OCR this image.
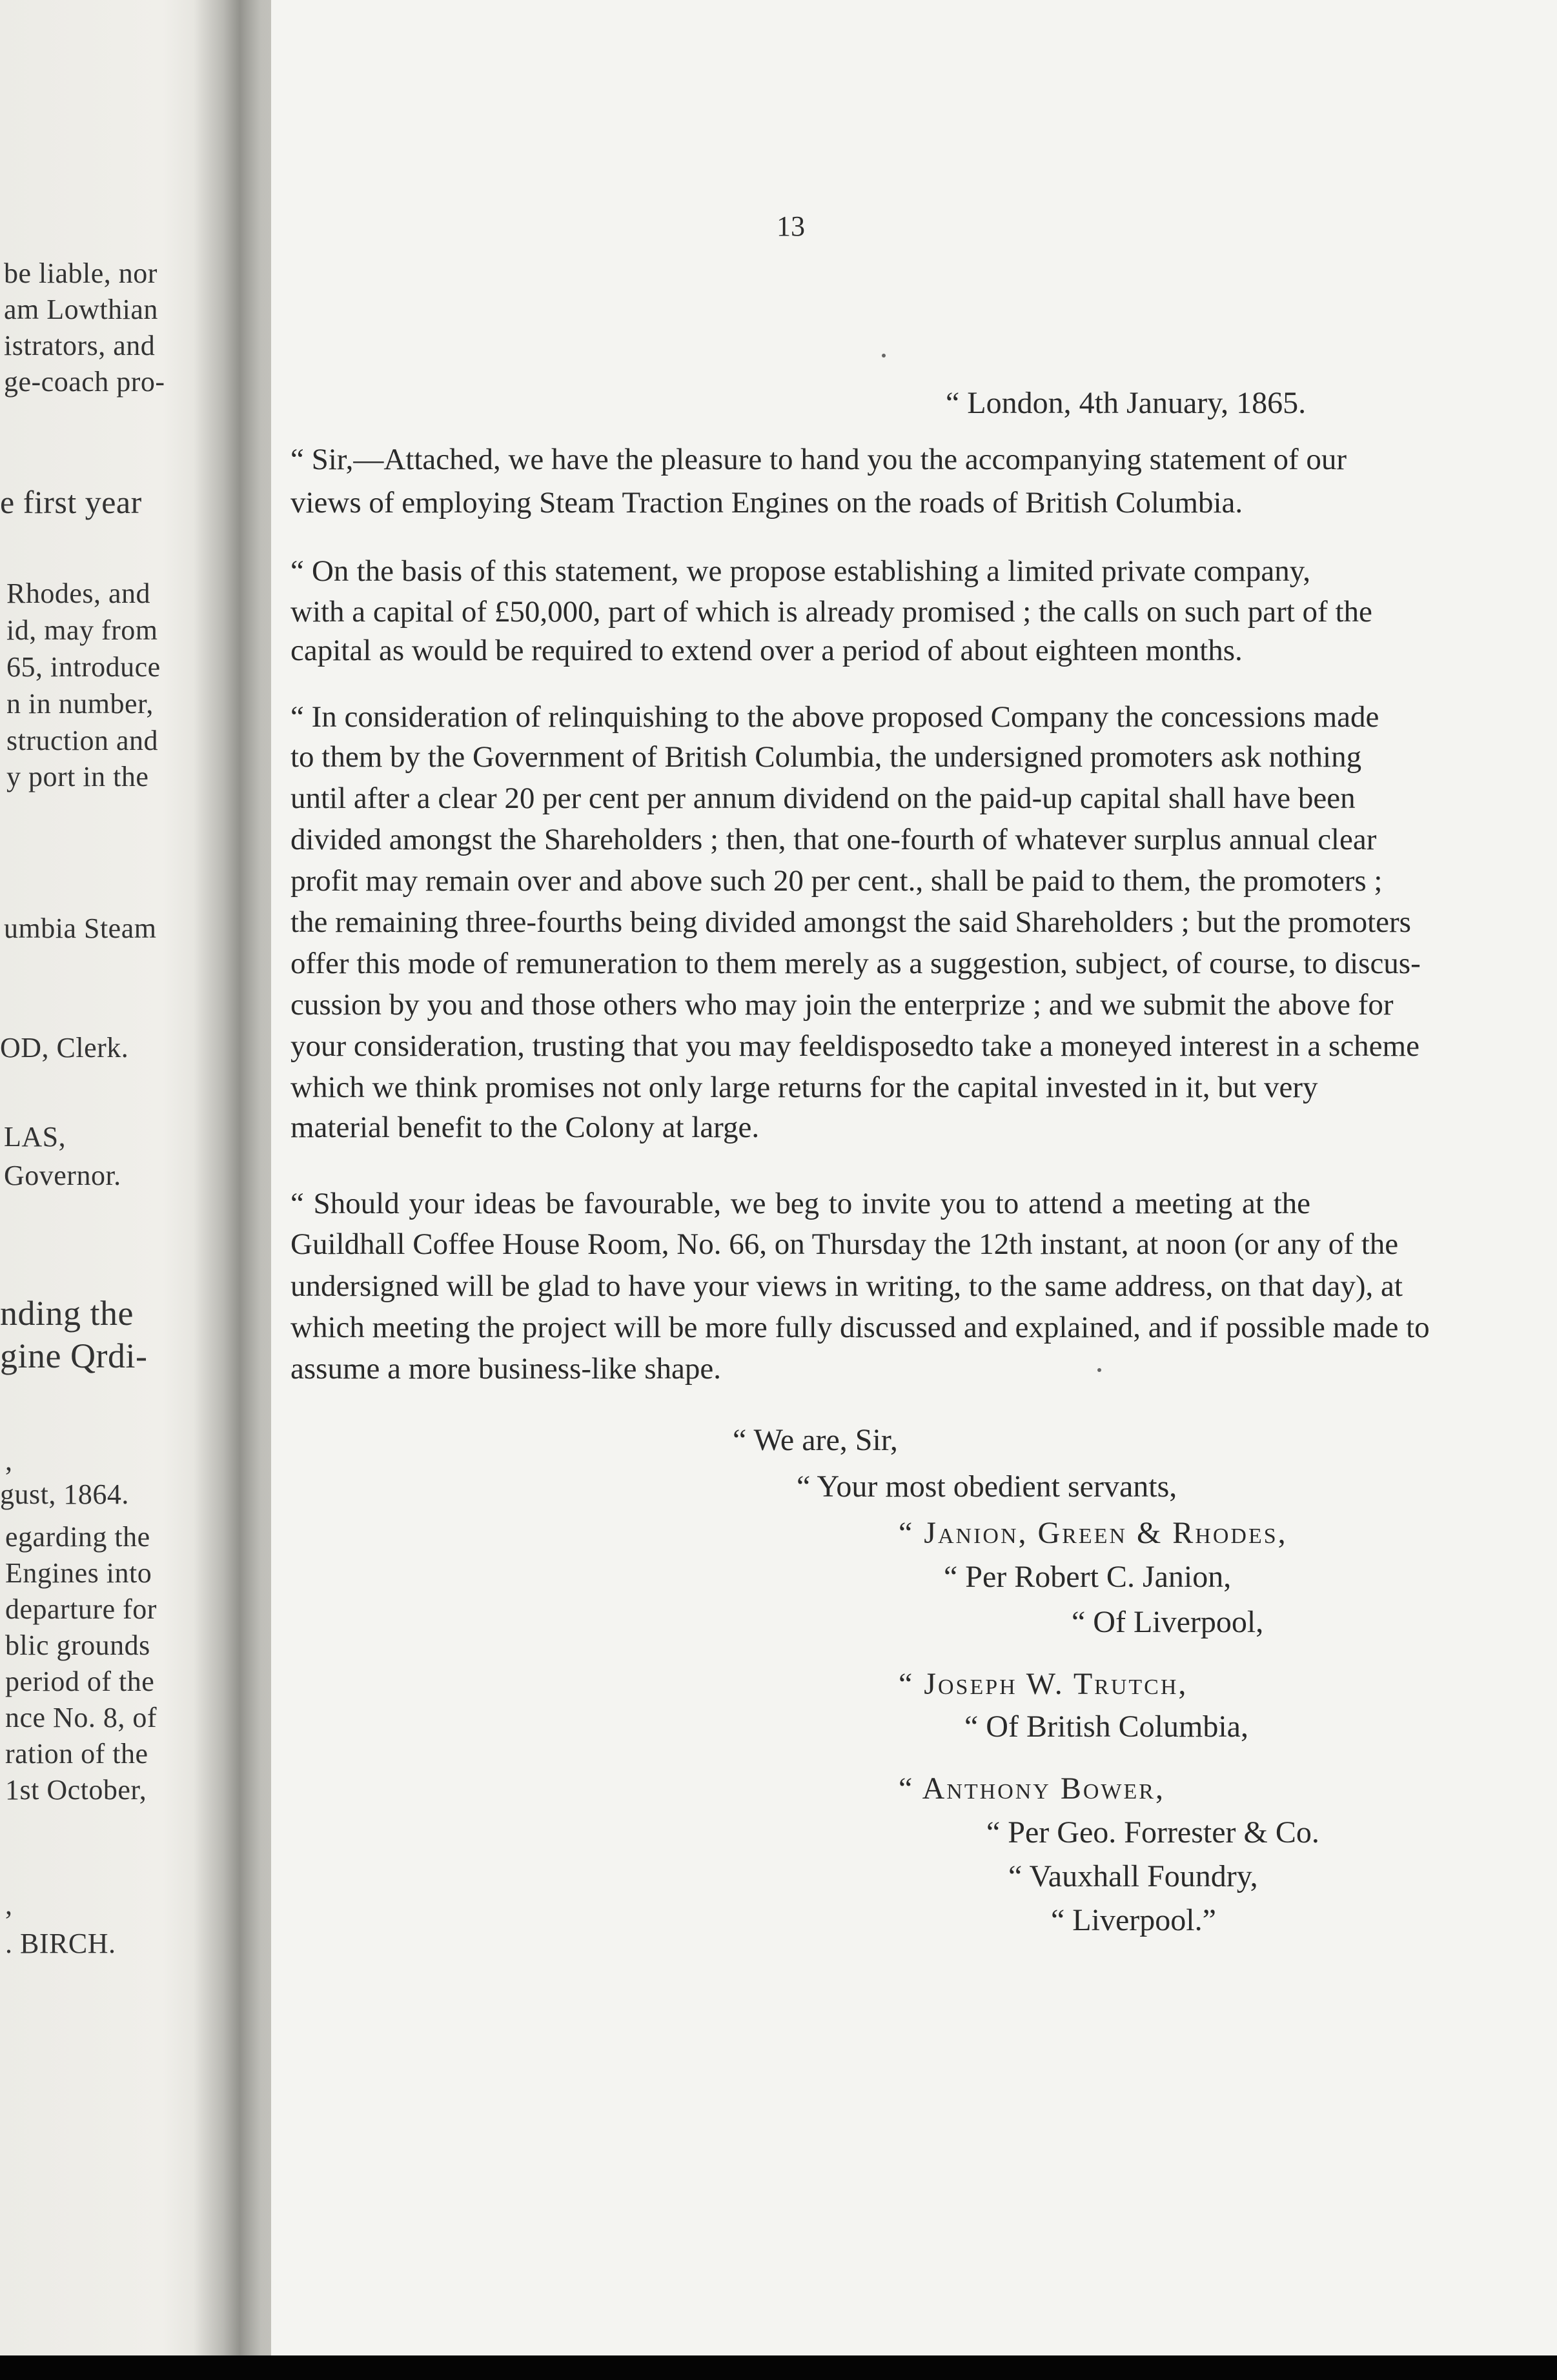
be liable, nor
am Lowthian
istrators, and
ge-coach pro-
e first year
Rhodes, and
id, may from
65, introduce
n in number,
struction and
y port in the
umbia Steam
OD, Clerk.
LAS,
Governor.
nding the
gine Qrdi-
,
gust, 1864.
egarding the
Engines into
departure for
blic grounds
period of the
nce No. 8, of
ration of the
1st October,
,
. BIRCH.
13
“ London, 4th January, 1865.
“ Sir,—Attached, we have the pleasure to hand you the accompanying statement of our
views of employing Steam Traction Engines on the roads of British Columbia.
“ On the basis of this statement, we propose establishing a limited private company,
with a capital of £50,000, part of which is already promised ; the calls on such part of the
capital as would be required to extend over a period of about eighteen months.
“ In consideration of relinquishing to the above proposed Company the concessions made
to them by the Government of British Columbia, the undersigned promoters ask nothing
until after a clear 20 per cent per annum dividend on the paid-up capital shall have been
divided amongst the Shareholders ; then, that one-fourth of whatever surplus annual clear
profit may remain over and above such 20 per cent., shall be paid to them, the promoters ;
the remaining three-fourths being divided amongst the said Shareholders ; but the promoters
offer this mode of remuneration to them merely as a suggestion, subject, of course, to discus-
cussion by you and those others who may join the enterprize ; and we submit the above for
your consideration, trusting that you may feeldisposedto take a moneyed interest in a scheme
which we think promises not only large returns for the capital invested in it, but very
material benefit to the Colony at large.
“ Should your ideas be favourable, we beg to invite you to attend a meeting at the
Guildhall Coffee House Room, No. 66, on Thursday the 12th instant, at noon (or any of the
undersigned will be glad to have your views in writing, to the same address, on that day), at
which meeting the project will be more fully discussed and explained, and if possible made to
assume a more business-like shape.
“ We are, Sir,
“ Your most obedient servants,
“ Janion, Green & Rhodes,
“ Per Robert C. Janion,
“ Of Liverpool,
“ Joseph W. Trutch,
“ Of British Columbia,
“ Anthony Bower,
“ Per Geo. Forrester & Co.
“ Vauxhall Foundry,
“ Liverpool.”
